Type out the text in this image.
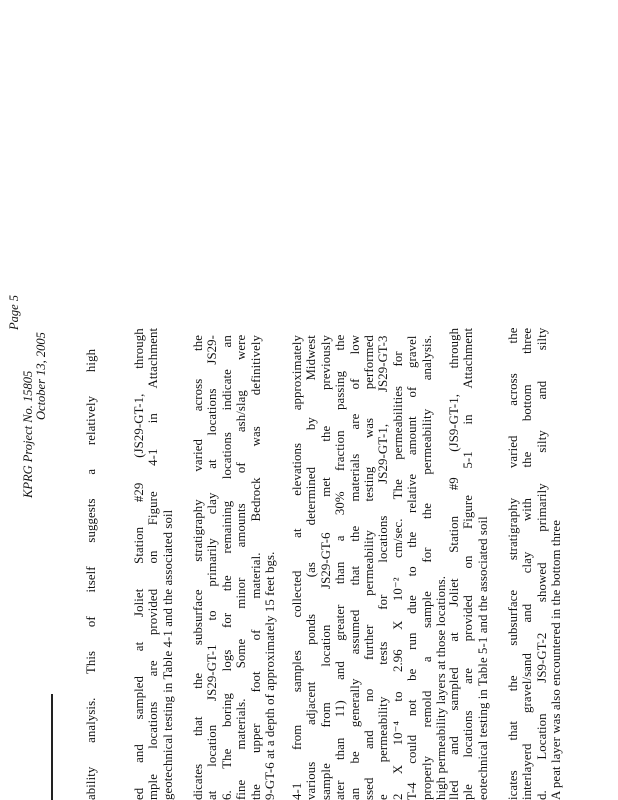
Page 5
KPRG Project No. 15805 October 13, 2005	ability analysis. This of itself suggests a relatively high	ed and sampled at Joliet Station #29 (JS29-GT-1, through mple locations are provided on Figure 4-1 in Attachment geotechnical testing in Table 4-1 and the associated soil dicates that the subsurface stratigraphy varied across the at location JS29-GT-1 to primarily clay at locations JS29- 6. The boring logs for the remaining locations indicate an fine materials. Some minor amounts of ash/slag were the upper foot of material. Bedrock was definitively 9-GT-6 at a depth of approximately 15 feet bgs. 4-1 from samples collected at elevations approximately various adjacent ponds (as determined by Midwest sample from location JS29-GT-6 met the previously ater than 11) and greater than a 30% fraction passing the an be generally assumed that the materials are of low ssed and no further permeability testing was performed e permeability tests for locations JS29-GT-1, JS29-GT-3 2 X 10⁻⁴ to 2.96 X 10⁻² cm/sec. The permeabilities for T-4 could not be run due to the relative amount of gravel properly remold a sample for the permeability analysis. high permeability layers at those locations. lled and sampled at Joliet Station #9 (JS9-GT-1, through ple locations are provided on Figure 5-1 in Attachment eotechnical testing in Table 5-1 and the associated soil icates that the subsurface stratigraphy varied across the interlayerd gravel/sand and clay with the bottom three d. Location JS9-GT-2 showed primarily silty and silty A peat layer was also encountered in the bottom three
